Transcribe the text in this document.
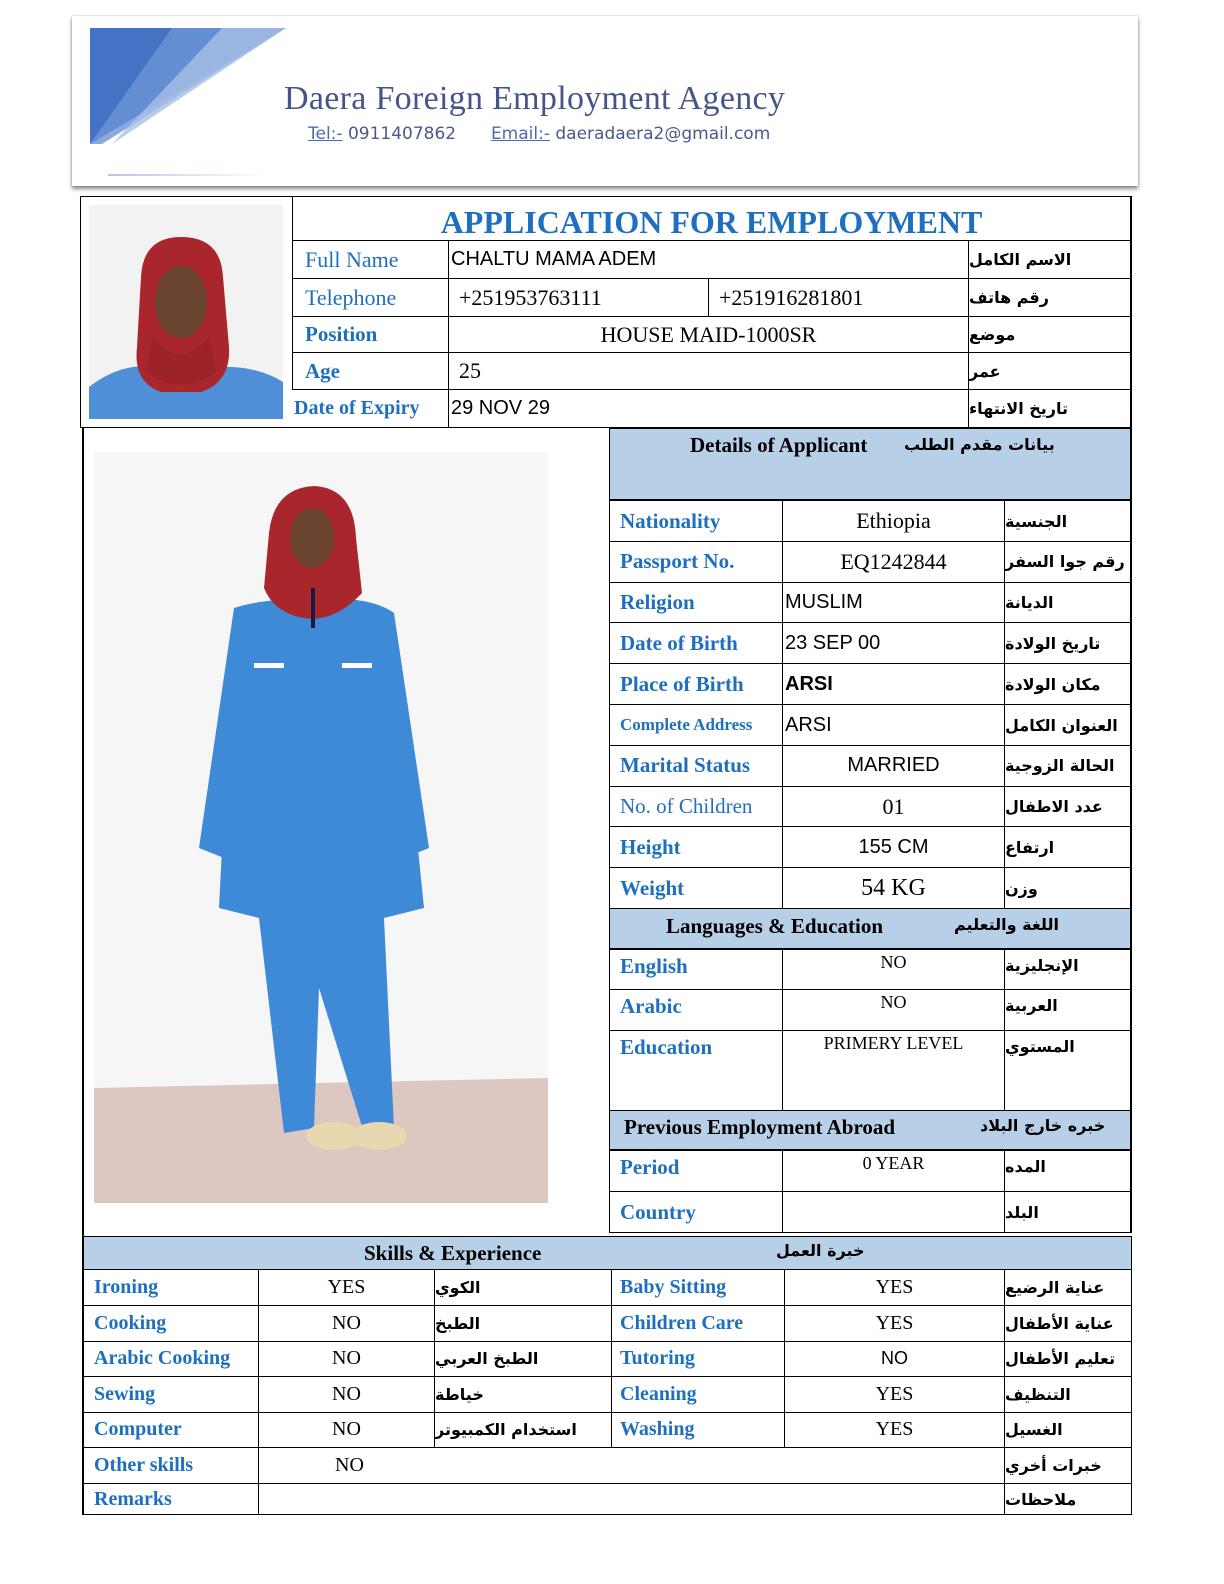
Daera Foreign Employment Agency
Tel:- 0911407862 Email:- daeradaera2@gmail.com
APPLICATION FOR EMPLOYMENT
Full Name	CHALTU MAMA ADEM	الاسم الكامل
Telephone	+251953763111	+251916281801	رقم هاتف
Position	HOUSE MAID-1000SR	موضع
Age	25	عمر
Date of Expiry	29 NOV 29	تاريخ الانتهاء
Details of Applicant بيانات مقدم الطلب
Nationality	Ethiopia	الجنسية
Passport No.	EQ1242844	رقم جوا السفر
Religion	MUSLIM	الديانة
Date of Birth	23 SEP 00	تاريخ الولادة
Place of Birth	ARSI	مكان الولادة
Complete Address	ARSI	العنوان الكامل
Marital Status	MARRIED	الحالة الزوجية
No. of Children	01	عدد الاطفال
Height	155 CM	ارتفاع
Weight	54 KG	وزن
Languages & Education	اللغة والتعليم
English	NO	الإنجليزية
Arabic	NO	العربية
Education	PRIMERY LEVEL	المستوي
Previous Employment Abroad	خبره خارج البلاد
Period	0 YEAR	المده
Country	البلد
Skills & Experience	خبرة العمل
Ironing	YES	الكوي	Baby Sitting	YES	عناية الرضيع
Cooking	NO	الطبخ	Children Care	YES	عناية الأطفال
Arabic Cooking	NO	الطبخ العربي	Tutoring	NO	تعليم الأطفال
Sewing	NO	خياطة	Cleaning	YES	التنظيف
Computer	NO	استخدام الكمبيوتر	Washing	YES	الغسيل
Other skills	NO	خبرات أخري
Remarks	ملاحظات
